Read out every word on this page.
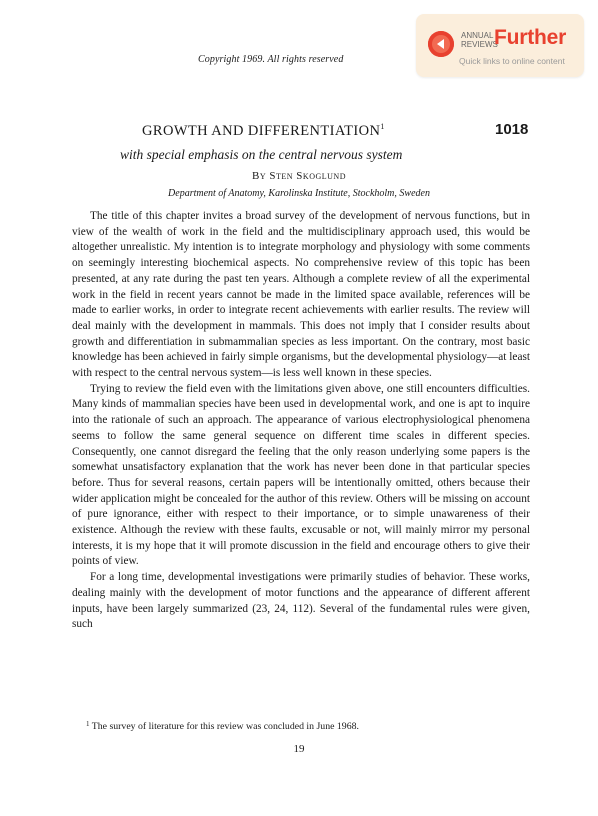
Copyright 1969. All rights reserved
ANNUAL
REVIEWS
Further
Quick links to online content
GROWTH AND DIFFERENTIATION$^1$	1018
with special emphasis on the central nervous system
By Sten Skoglund
Department of Anatomy, Karolinska Institute, Stockholm, Sweden

The title of this chapter invites a broad survey of the development of nervous functions, but in view of the wealth of work in the field and the multidisciplinary approach used, this would be altogether unrealistic. My intention is to integrate morphology and physiology with some comments on seemingly interesting biochemical aspects. No comprehensive review of this topic has been presented, at any rate during the past ten years. Although a complete review of all the experimental work in the field in recent years cannot be made in the limited space available, references will be made to earlier works, in order to integrate recent achievements with earlier results. The review will deal mainly with the development in mammals. This does not imply that I consider results about growth and differentiation in submammalian species as less important. On the contrary, most basic knowledge has been achieved in fairly simple organisms, but the developmental physiology—at least with respect to the central nervous system—is less well known in these species.

Trying to review the field even with the limitations given above, one still encounters difficulties. Many kinds of mammalian species have been used in developmental work, and one is apt to inquire into the rationale of such an approach. The appearance of various electrophysiological phenomena seems to follow the same general sequence on different time scales in different species. Consequently, one cannot disregard the feeling that the only reason underlying some papers is the somewhat unsatisfactory explanation that the work has never been done in that particular species before. Thus for several reasons, certain papers will be intentionally omitted, others because their wider application might be concealed for the author of this review. Others will be missing on account of pure ignorance, either with respect to their importance, or to simple unawareness of their existence. Although the review with these faults, excusable or not, will mainly mirror my personal interests, it is my hope that it will promote discussion in the field and encourage others to give their points of view.

For a long time, developmental investigations were primarily studies of behavior. These works, dealing mainly with the development of motor functions and the appearance of different afferent inputs, have been largely summarized (23, 24, 112). Several of the fundamental rules were given, such

$^1$ The survey of literature for this review was concluded in June 1968.
19
